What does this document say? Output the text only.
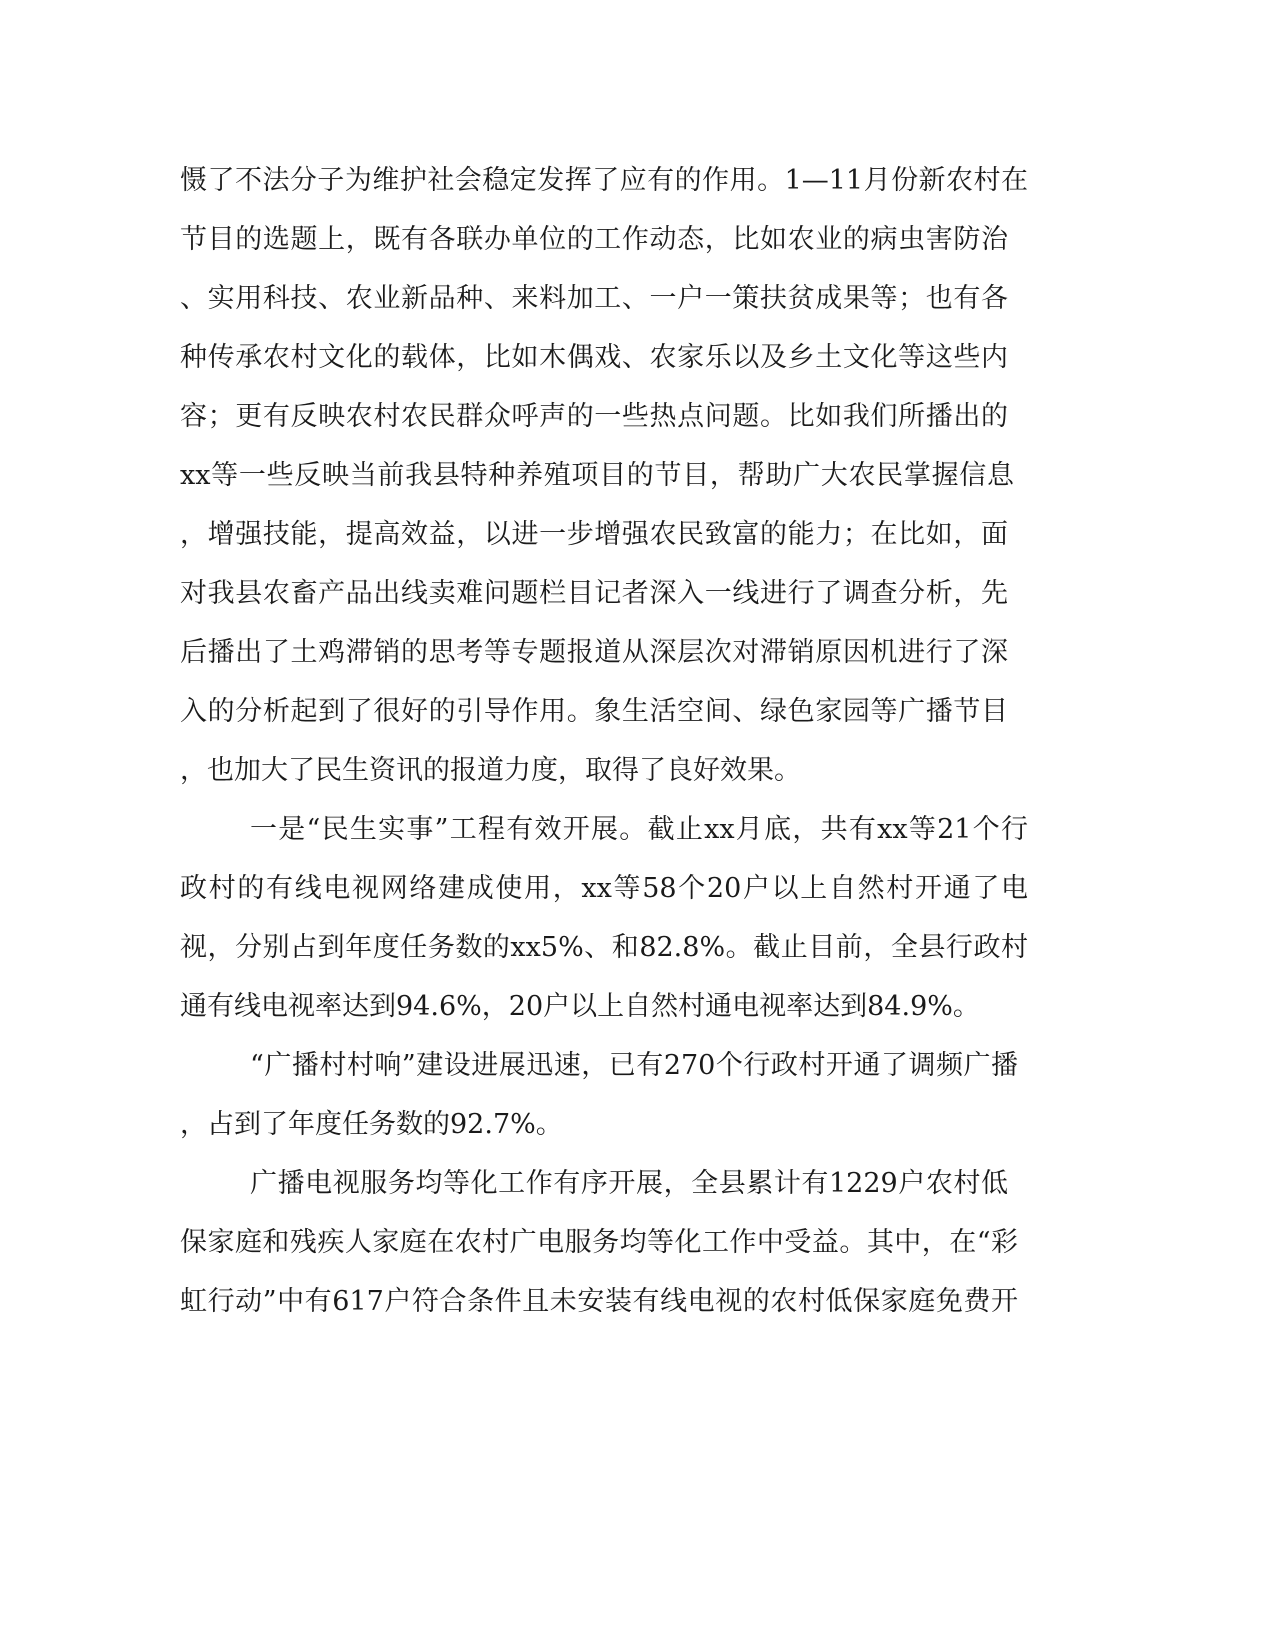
慑了不法分子为维护社会稳定发挥了应有的作用。1—11月份新农村在
节目的选题上，既有各联办单位的工作动态，比如农业的病虫害防治
、实用科技、农业新品种、来料加工、一户一策扶贫成果等；也有各
种传承农村文化的载体，比如木偶戏、农家乐以及乡土文化等这些内
容；更有反映农村农民群众呼声的一些热点问题。比如我们所播出的
xx等一些反映当前我县特种养殖项目的节目，帮助广大农民掌握信息
，增强技能，提高效益，以进一步增强农民致富的能力；在比如，面
对我县农畜产品出线卖难问题栏目记者深入一线进行了调查分析，先
后播出了土鸡滞销的思考等专题报道从深层次对滞销原因机进行了深
入的分析起到了很好的引导作用。象生活空间、绿色家园等广播节目
，也加大了民生资讯的报道力度，取得了良好效果。
一是“民生实事”工程有效开展。截止xx月底，共有xx等21个行
政村的有线电视网络建成使用，xx等58个20户以上自然村开通了电
视，分别占到年度任务数的xx5%、和82.8%。截止目前，全县行政村
通有线电视率达到94.6%，20户以上自然村通电视率达到84.9%。
“广播村村响”建设进展迅速，已有270个行政村开通了调频广播
，占到了年度任务数的92.7%。
广播电视服务均等化工作有序开展，全县累计有1229户农村低
保家庭和残疾人家庭在农村广电服务均等化工作中受益。其中，在“彩
虹行动”中有617户符合条件且未安装有线电视的农村低保家庭免费开
